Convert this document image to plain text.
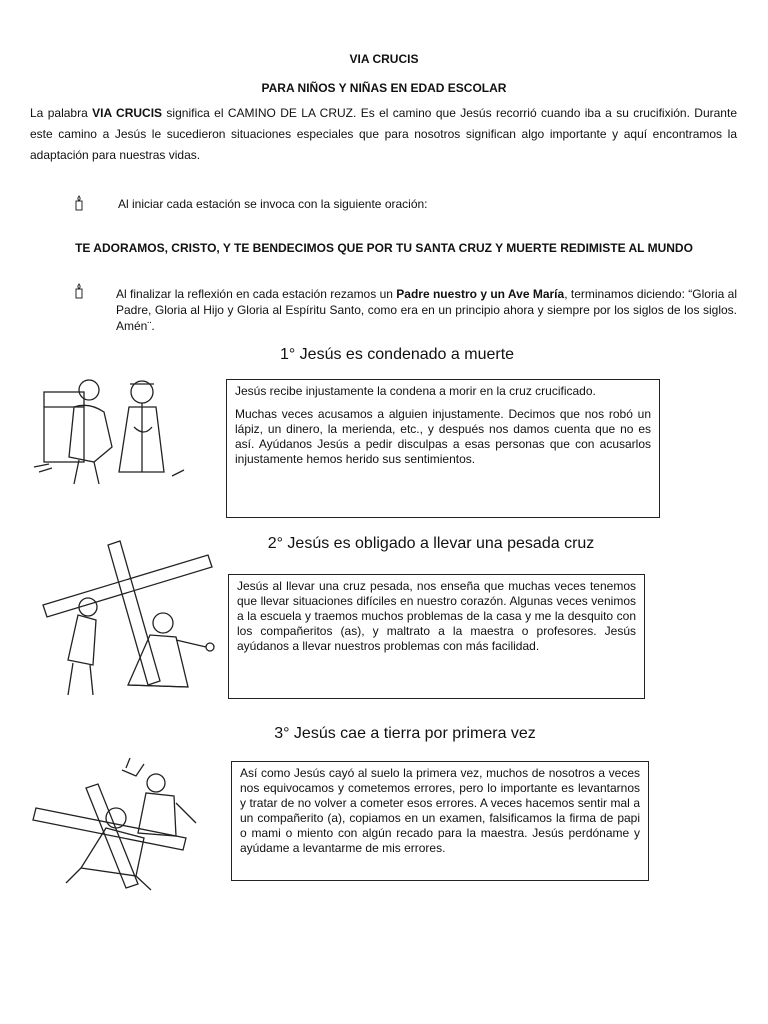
VIA CRUCIS
PARA NIÑOS Y NIÑAS EN EDAD ESCOLAR
La palabra VIA CRUCIS significa el CAMINO DE LA CRUZ. Es el camino que Jesús recorrió cuando iba a su crucifixión. Durante este camino a Jesús le sucedieron situaciones especiales que para nosotros significan algo importante y aquí encontramos la adaptación para nuestras vidas.
Al iniciar cada estación se invoca con la siguiente oración:
TE ADORAMOS, CRISTO, Y TE BENDECIMOS QUE POR TU SANTA CRUZ Y MUERTE REDIMISTE AL MUNDO
Al finalizar la reflexión en cada estación rezamos un Padre nuestro y un Ave María, terminamos diciendo: “Gloria al Padre, Gloria al Hijo y Gloria al Espíritu Santo, como era en un principio ahora y siempre por los siglos de los siglos. Amén¨.
1° Jesús es condenado a muerte

Jesús recibe injustamente la condena a morir en la cruz crucificado.

Muchas veces acusamos a alguien injustamente. Decimos que nos robó un lápiz, un dinero, la merienda, etc., y después nos damos cuenta que no es así. Ayúdanos Jesús a pedir disculpas a esas personas que con acusarlos injustamente hemos herido sus sentimientos.

2° Jesús es obligado a llevar una pesada cruz

Jesús al llevar una cruz pesada, nos enseña que muchas veces tenemos que llevar situaciones difíciles en nuestro corazón. Algunas veces venimos a la escuela y traemos muchos problemas de la casa y me la desquito con los compañeritos (as), y maltrato a la maestra o profesores. Jesús ayúdanos a llevar nuestros problemas con más facilidad.

3° Jesús cae a tierra por primera vez

Así como Jesús cayó al suelo la primera vez, muchos de nosotros a veces nos equivocamos y cometemos errores, pero lo importante es levantarnos y tratar de no volver a cometer esos errores. A veces hacemos sentir mal a un compañerito (a), copiamos en un examen, falsificamos la firma de papi o mami o miento con algún recado para la maestra. Jesús perdóname y ayúdame a levantarme de mis errores.
